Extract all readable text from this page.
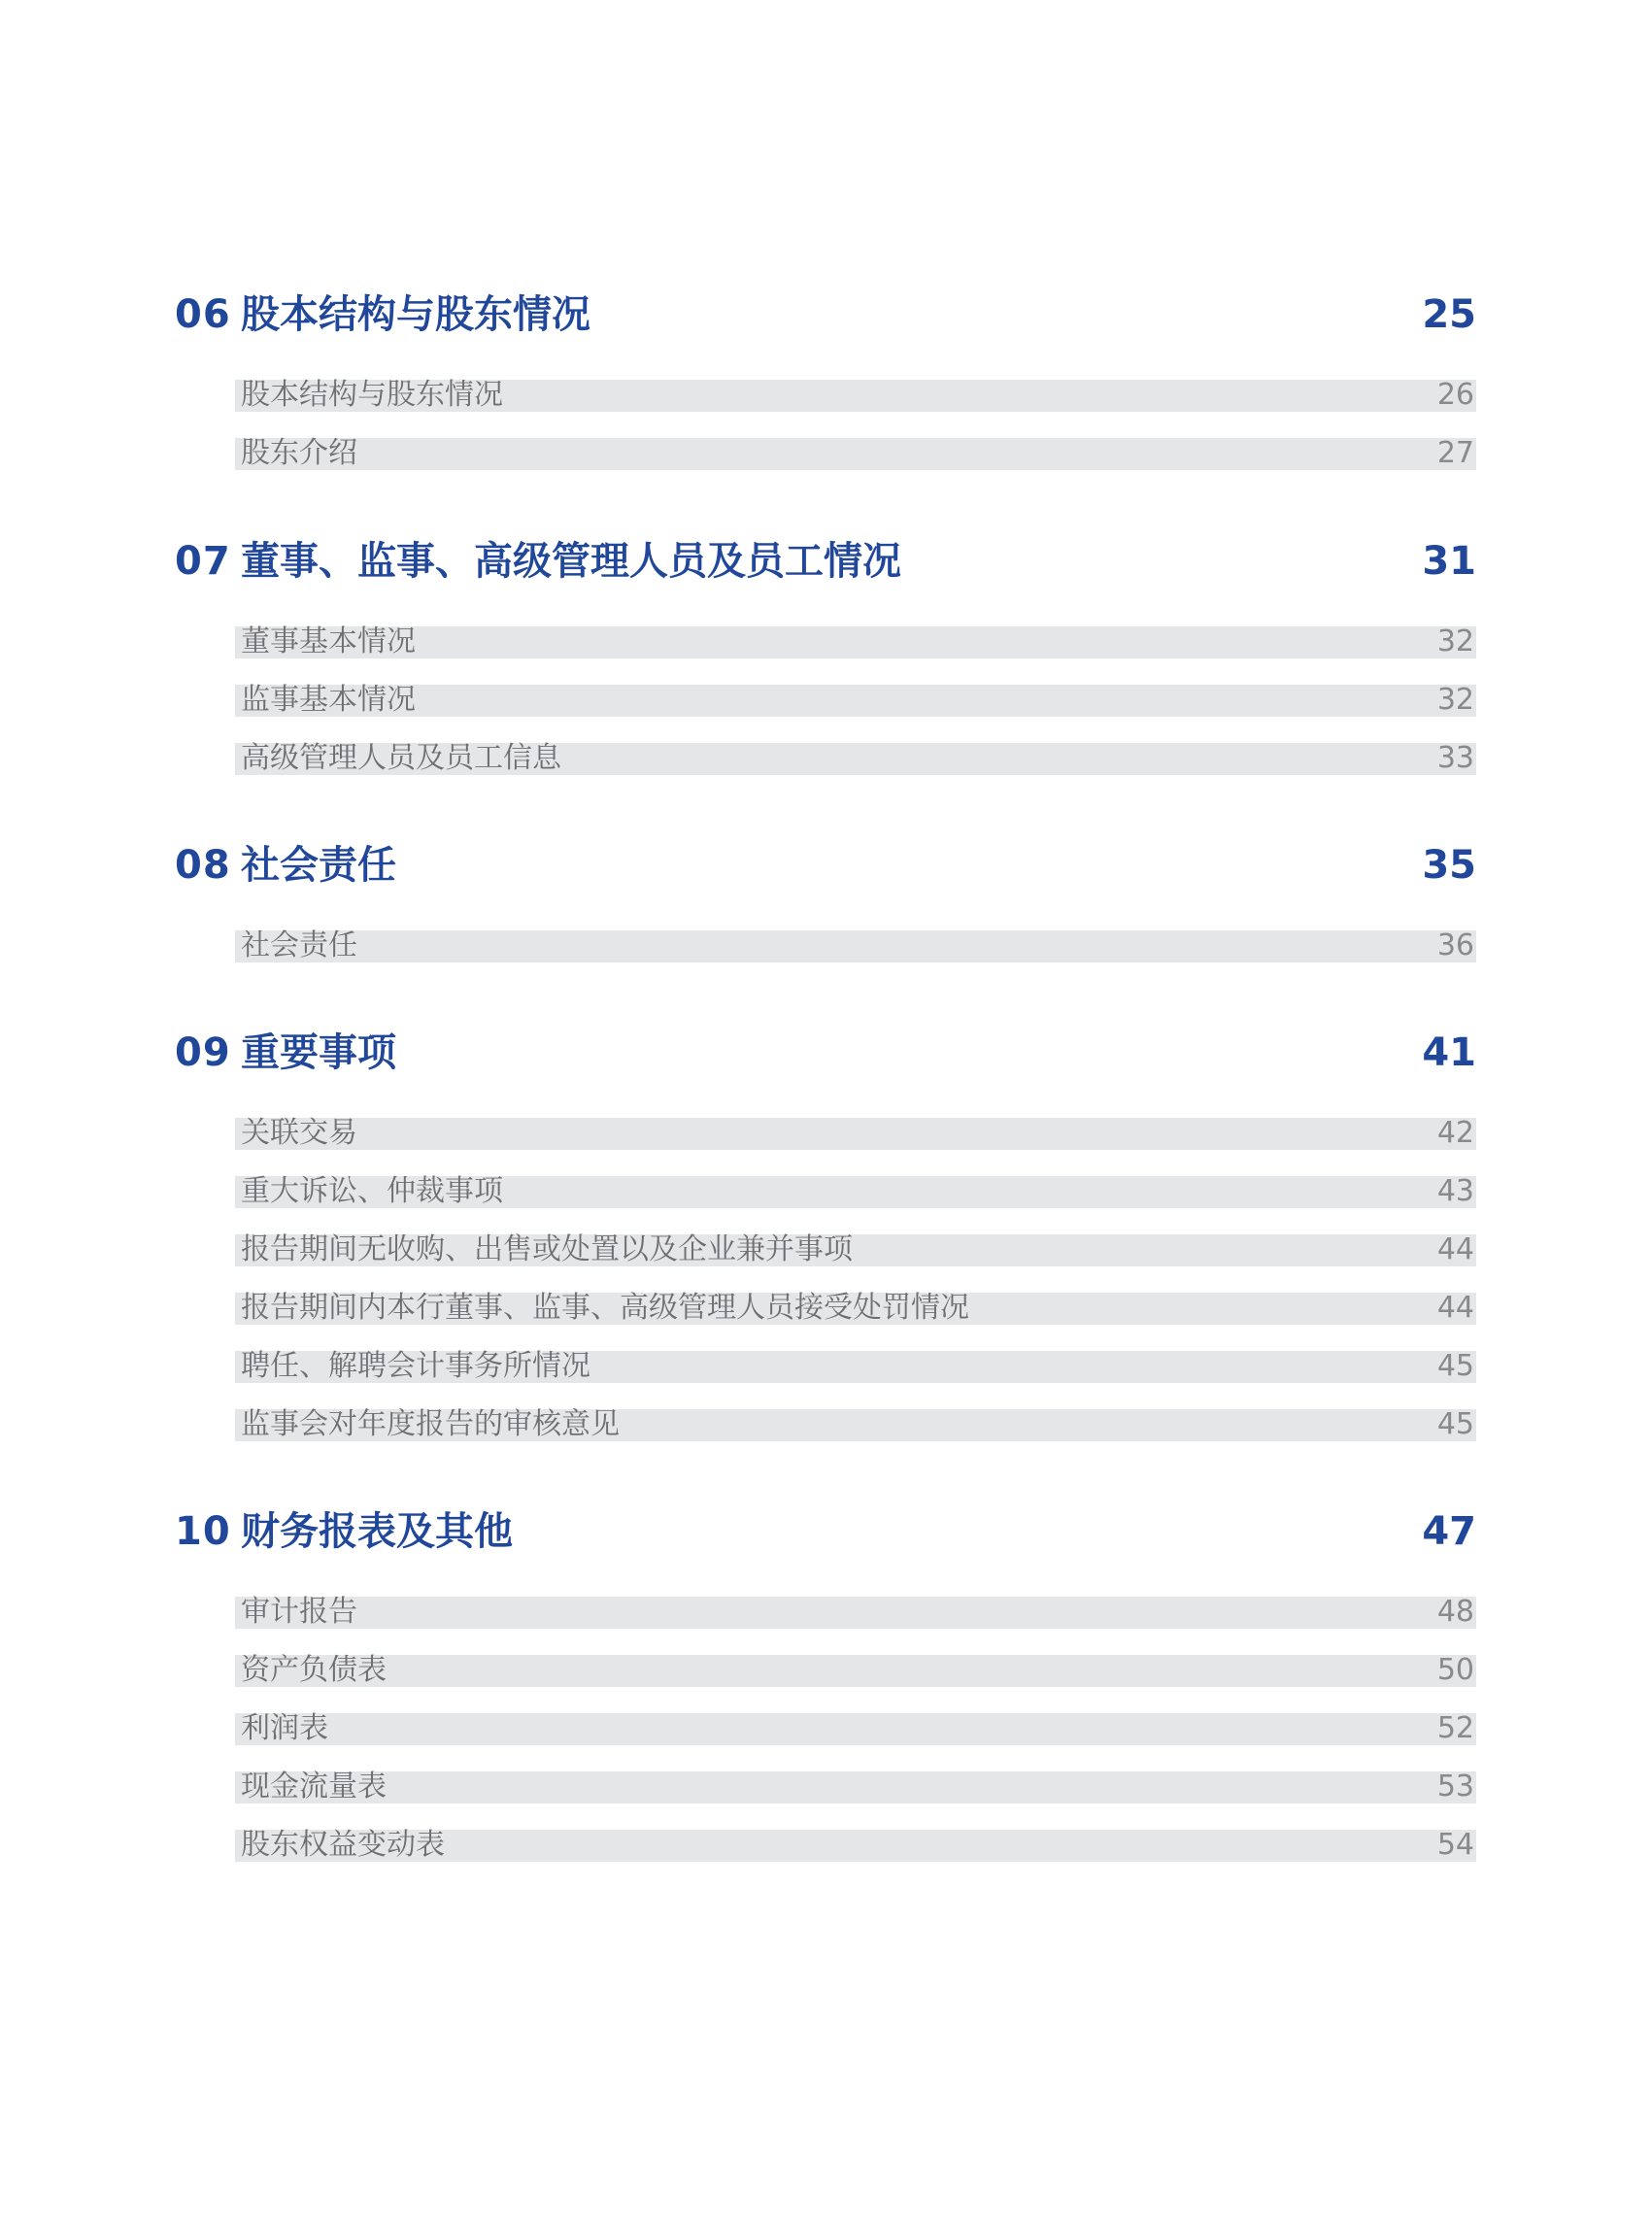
06 股本结构与股东情况	25
股本结构与股东情况	26
股东介绍	27
07 董事、监事、高级管理人员及员工情况	31
董事基本情况	32
监事基本情况	32
高级管理人员及员工信息	33
08 社会责任	35
社会责任	36
09 重要事项	41
关联交易	42
重大诉讼、仲裁事项	43
报告期间无收购、出售或处置以及企业兼并事项	44
报告期间内本行董事、监事、高级管理人员接受处罚情况	44
聘任、解聘会计事务所情况	45
监事会对年度报告的审核意见	45
10 财务报表及其他	47
审计报告	48
资产负债表	50
利润表	52
现金流量表	53
股东权益变动表	54
